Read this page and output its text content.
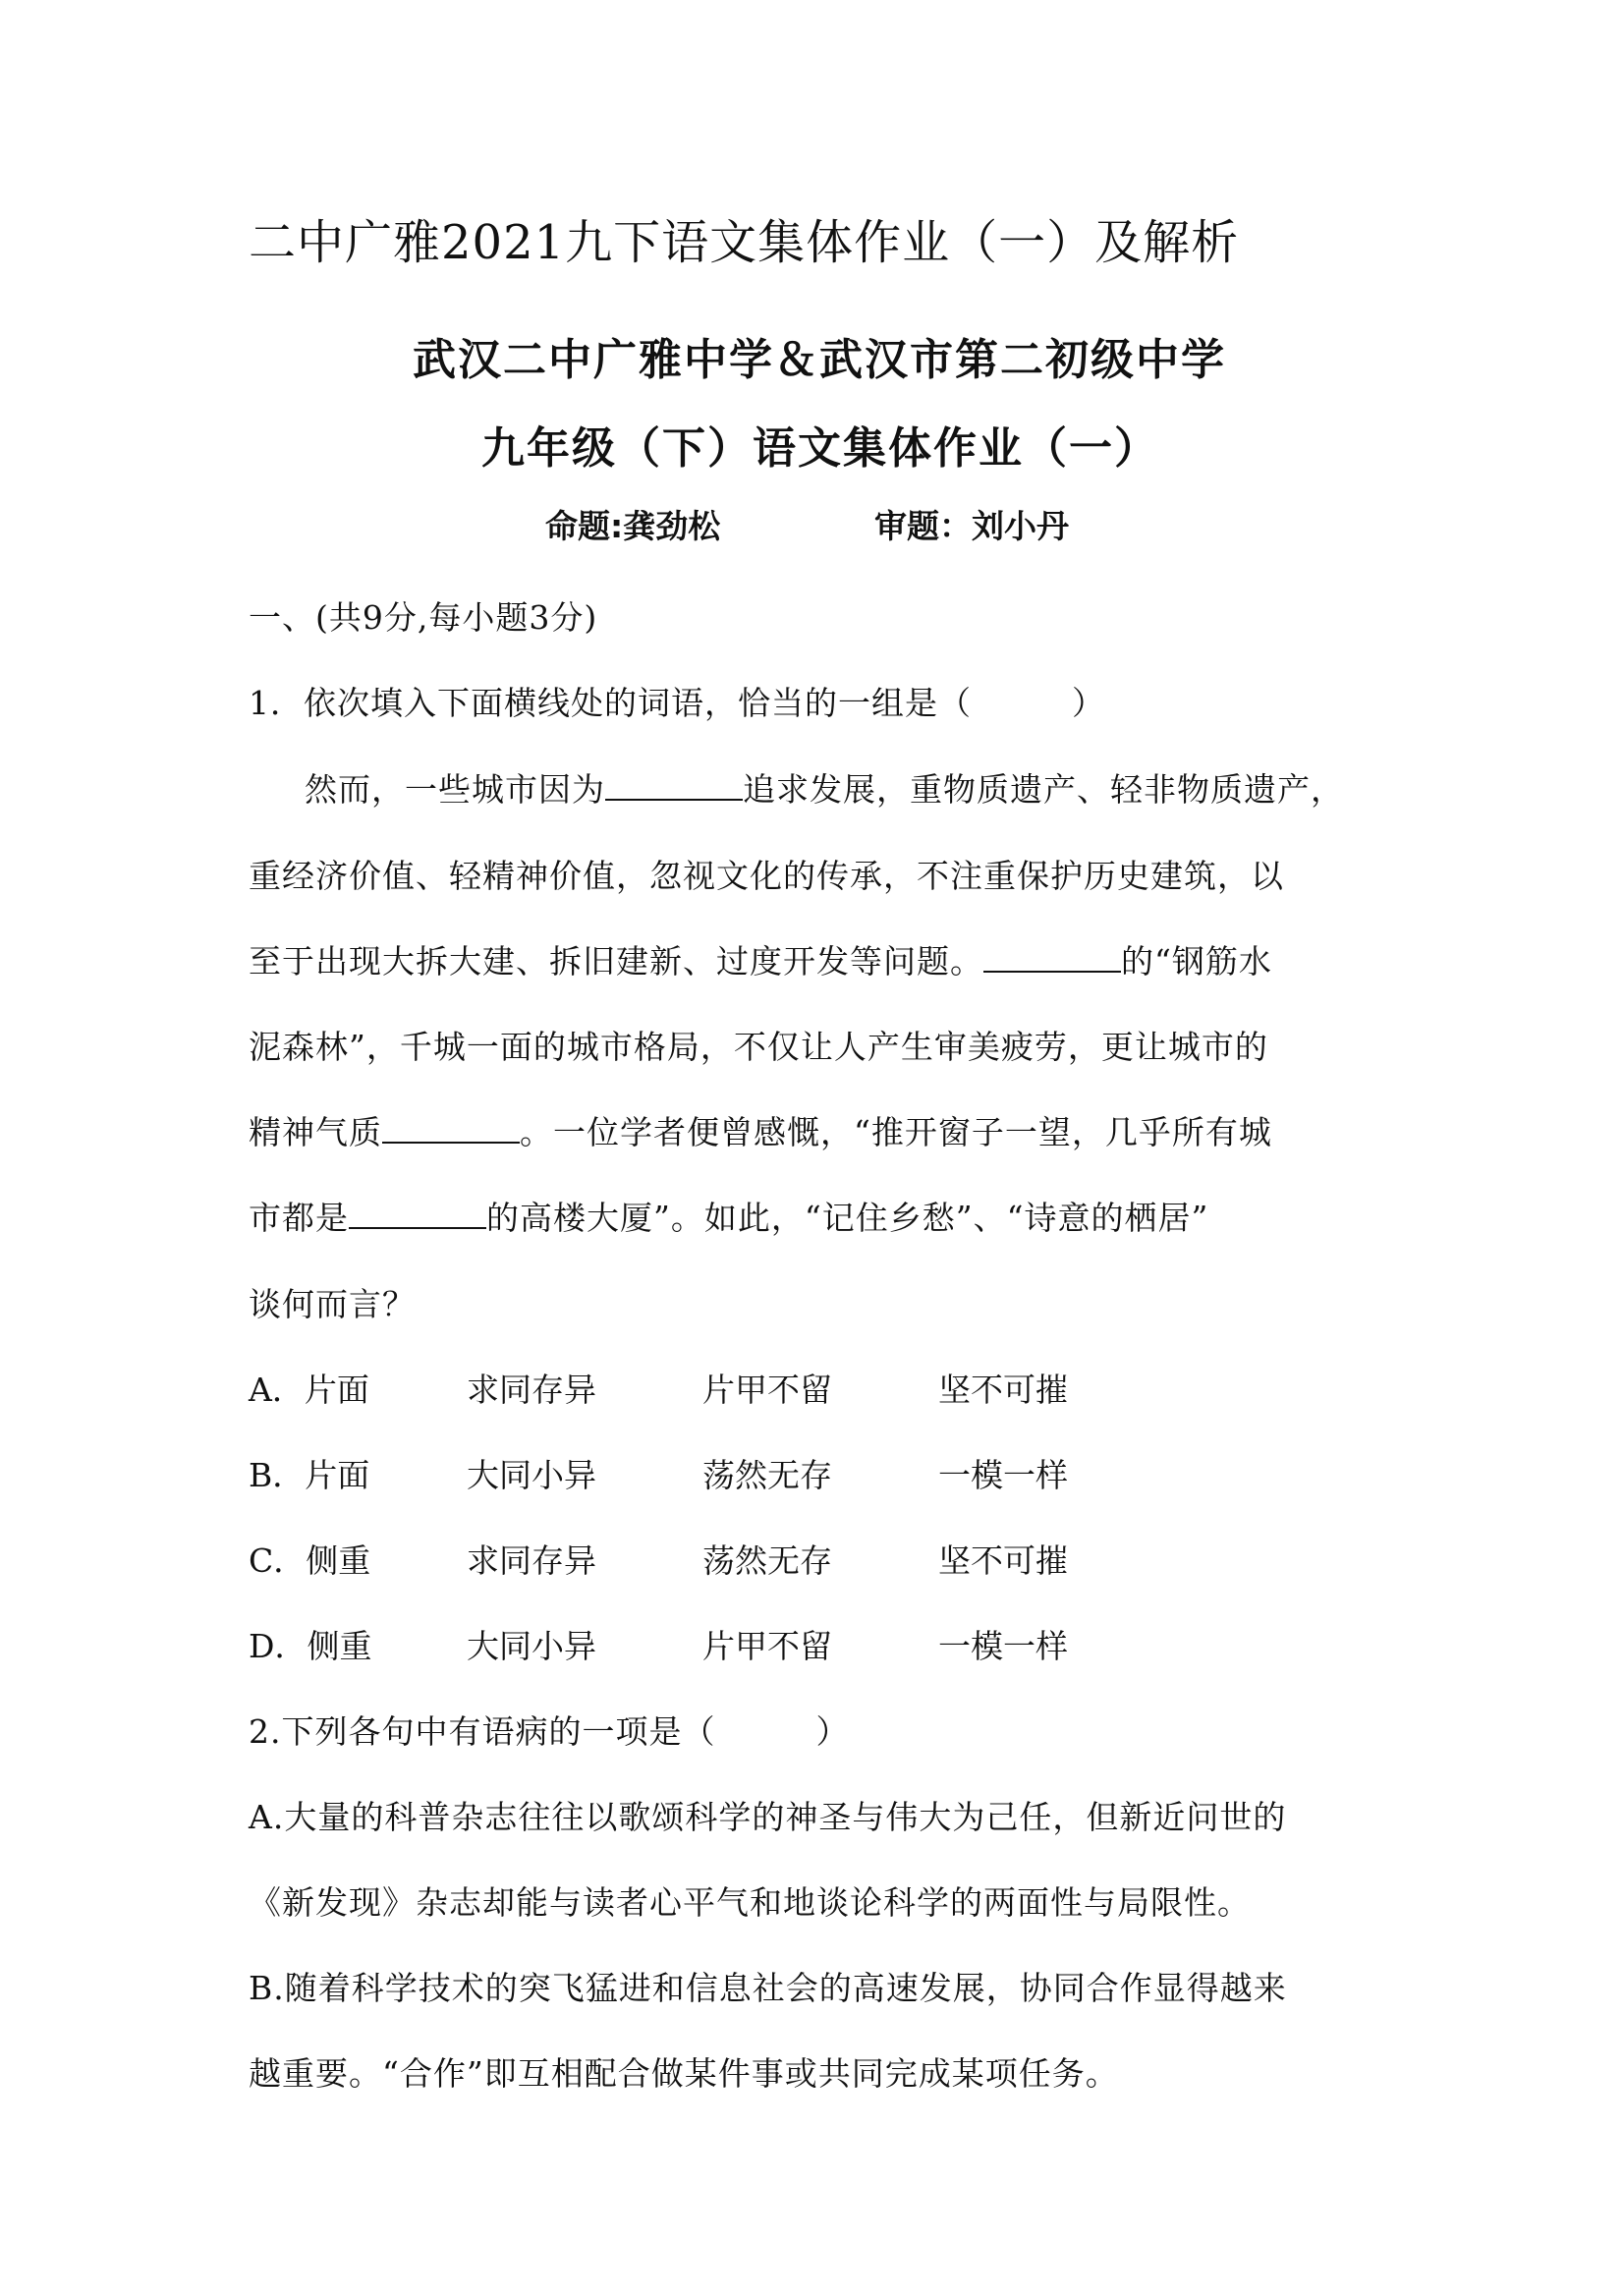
二中广雅2021九下语文集体作业（一）及解析
武汉二中广雅中学＆武汉市第二初级中学
九年级（下）语文集体作业（一）
命题:龚劲松	审题：刘小丹
一、(共9分,每小题3分)
1．依次填入下面横线处的词语，恰当的一组是（　　　）
然而，一些城市因为	追求发展，重物质遗产、轻非物质遗产，
重经济价值、轻精神价值，忽视文化的传承，不注重保护历史建筑，以
至于出现大拆大建、拆旧建新、过度开发等问题。	的“钢筋水
泥森林”，千城一面的城市格局，不仅让人产生审美疲劳，更让城市的
精神气质	。一位学者便曾感慨，“推开窗子一望，几乎所有城
市都是	的高楼大厦”。如此，“记住乡愁”、“诗意的栖居”
谈何而言？
A．片面	求同存异	片甲不留	坚不可摧
B．片面	大同小异	荡然无存	一模一样
C．侧重	求同存异	荡然无存	坚不可摧
D．侧重	大同小异	片甲不留	一模一样
2.下列各句中有语病的一项是（　　　）
A.大量的科普杂志往往以歌颂科学的神圣与伟大为己任，但新近问世的
《新发现》杂志却能与读者心平气和地谈论科学的两面性与局限性。
B.随着科学技术的突飞猛进和信息社会的高速发展，协同合作显得越来
越重要。“合作”即互相配合做某件事或共同完成某项任务。
